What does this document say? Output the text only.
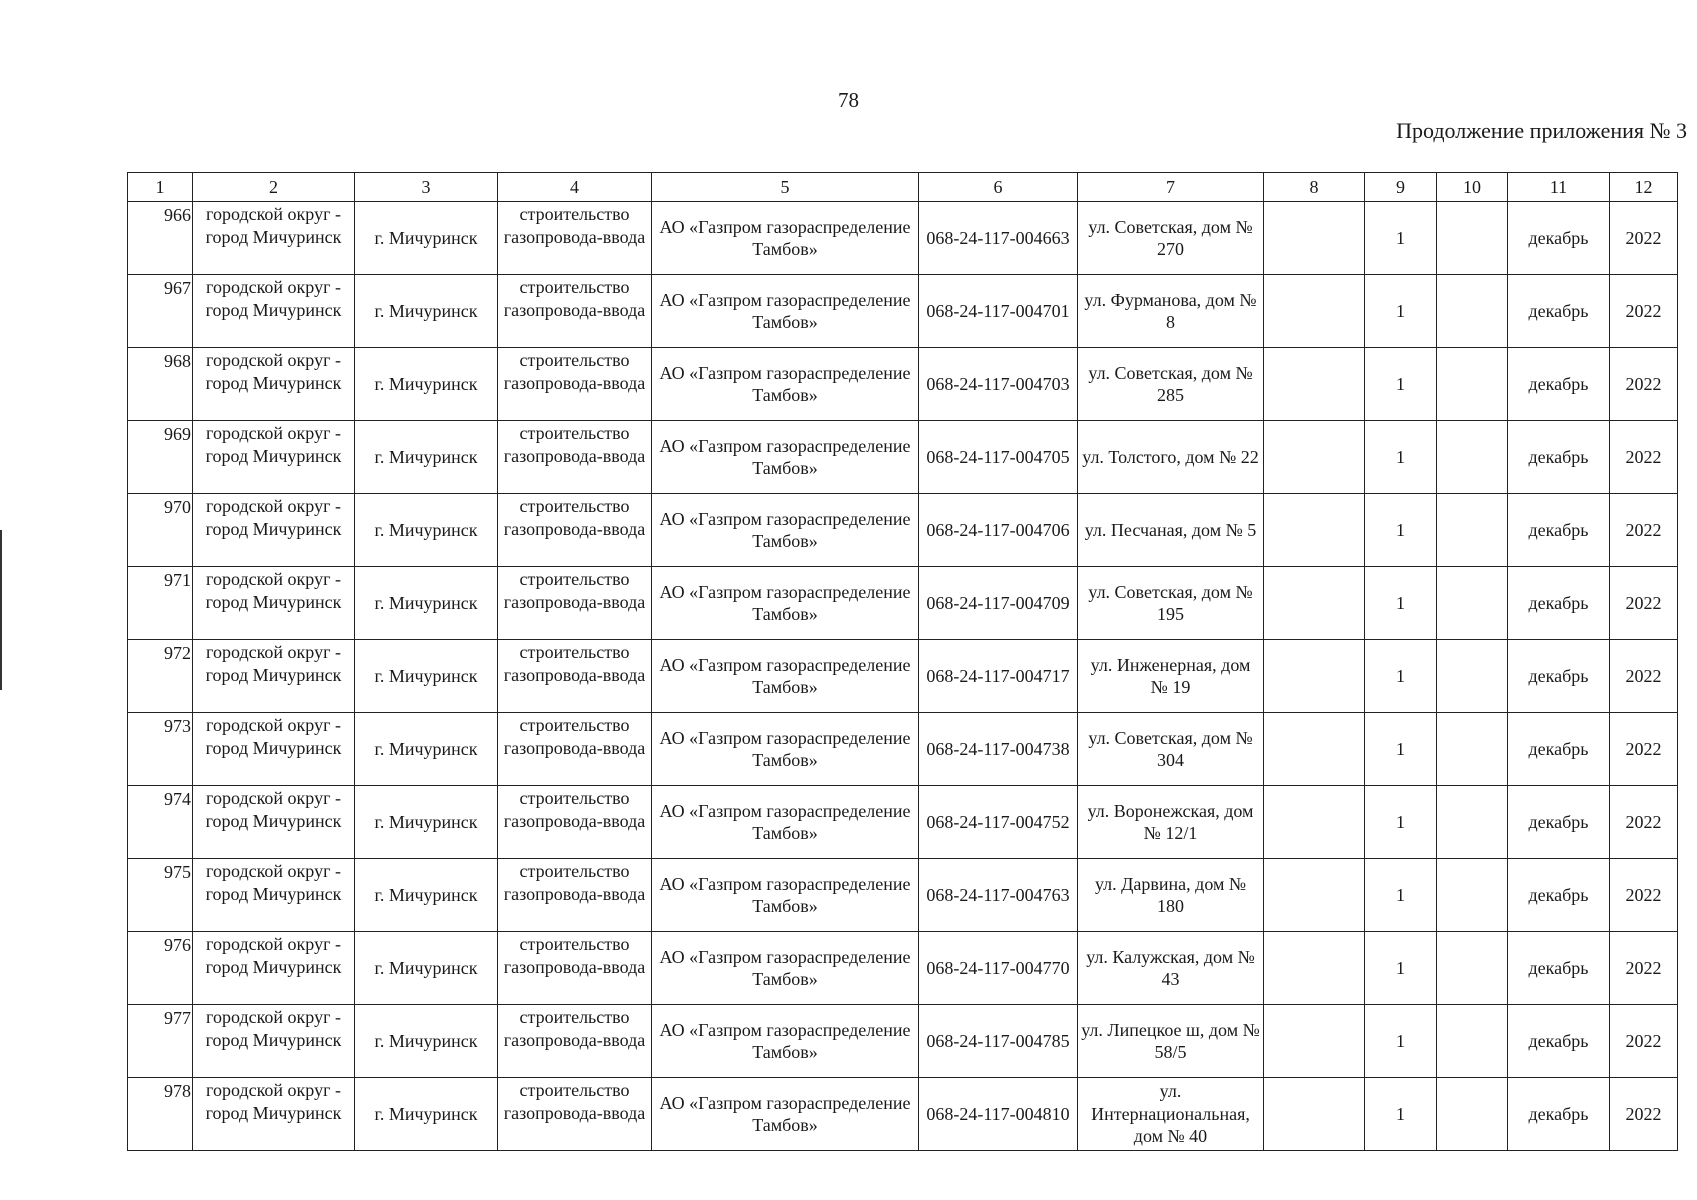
78
Продолжение приложения № 3
1	2	3	4	5	6	7	8	9	10	11	12
966	городской округ - город Мичуринск	г. Мичуринск	строительство газопровода-ввода	АО «Газпром газораспределение Тамбов»	068-24-117-004663	ул. Советская, дом № 270		1		декабрь	2022
967	городской округ - город Мичуринск	г. Мичуринск	строительство газопровода-ввода	АО «Газпром газораспределение Тамбов»	068-24-117-004701	ул. Фурманова, дом № 8		1		декабрь	2022
968	городской округ - город Мичуринск	г. Мичуринск	строительство газопровода-ввода	АО «Газпром газораспределение Тамбов»	068-24-117-004703	ул. Советская, дом № 285		1		декабрь	2022
969	городской округ - город Мичуринск	г. Мичуринск	строительство газопровода-ввода	АО «Газпром газораспределение Тамбов»	068-24-117-004705	ул. Толстого, дом № 22		1		декабрь	2022
970	городской округ - город Мичуринск	г. Мичуринск	строительство газопровода-ввода	АО «Газпром газораспределение Тамбов»	068-24-117-004706	ул. Песчаная, дом № 5		1		декабрь	2022
971	городской округ - город Мичуринск	г. Мичуринск	строительство газопровода-ввода	АО «Газпром газораспределение Тамбов»	068-24-117-004709	ул. Советская, дом № 195		1		декабрь	2022
972	городской округ - город Мичуринск	г. Мичуринск	строительство газопровода-ввода	АО «Газпром газораспределение Тамбов»	068-24-117-004717	ул. Инженерная, дом № 19		1		декабрь	2022
973	городской округ - город Мичуринск	г. Мичуринск	строительство газопровода-ввода	АО «Газпром газораспределение Тамбов»	068-24-117-004738	ул. Советская, дом № 304		1		декабрь	2022
974	городской округ - город Мичуринск	г. Мичуринск	строительство газопровода-ввода	АО «Газпром газораспределение Тамбов»	068-24-117-004752	ул. Воронежская, дом № 12/1		1		декабрь	2022
975	городской округ - город Мичуринск	г. Мичуринск	строительство газопровода-ввода	АО «Газпром газораспределение Тамбов»	068-24-117-004763	ул. Дарвина, дом № 180		1		декабрь	2022
976	городской округ - город Мичуринск	г. Мичуринск	строительство газопровода-ввода	АО «Газпром газораспределение Тамбов»	068-24-117-004770	ул. Калужская, дом № 43		1		декабрь	2022
977	городской округ - город Мичуринск	г. Мичуринск	строительство газопровода-ввода	АО «Газпром газораспределение Тамбов»	068-24-117-004785	ул. Липецкое ш, дом № 58/5		1		декабрь	2022
978	городской округ - город Мичуринск	г. Мичуринск	строительство газопровода-ввода	АО «Газпром газораспределение Тамбов»	068-24-117-004810	ул. Интернациональная, дом № 40		1		декабрь	2022
